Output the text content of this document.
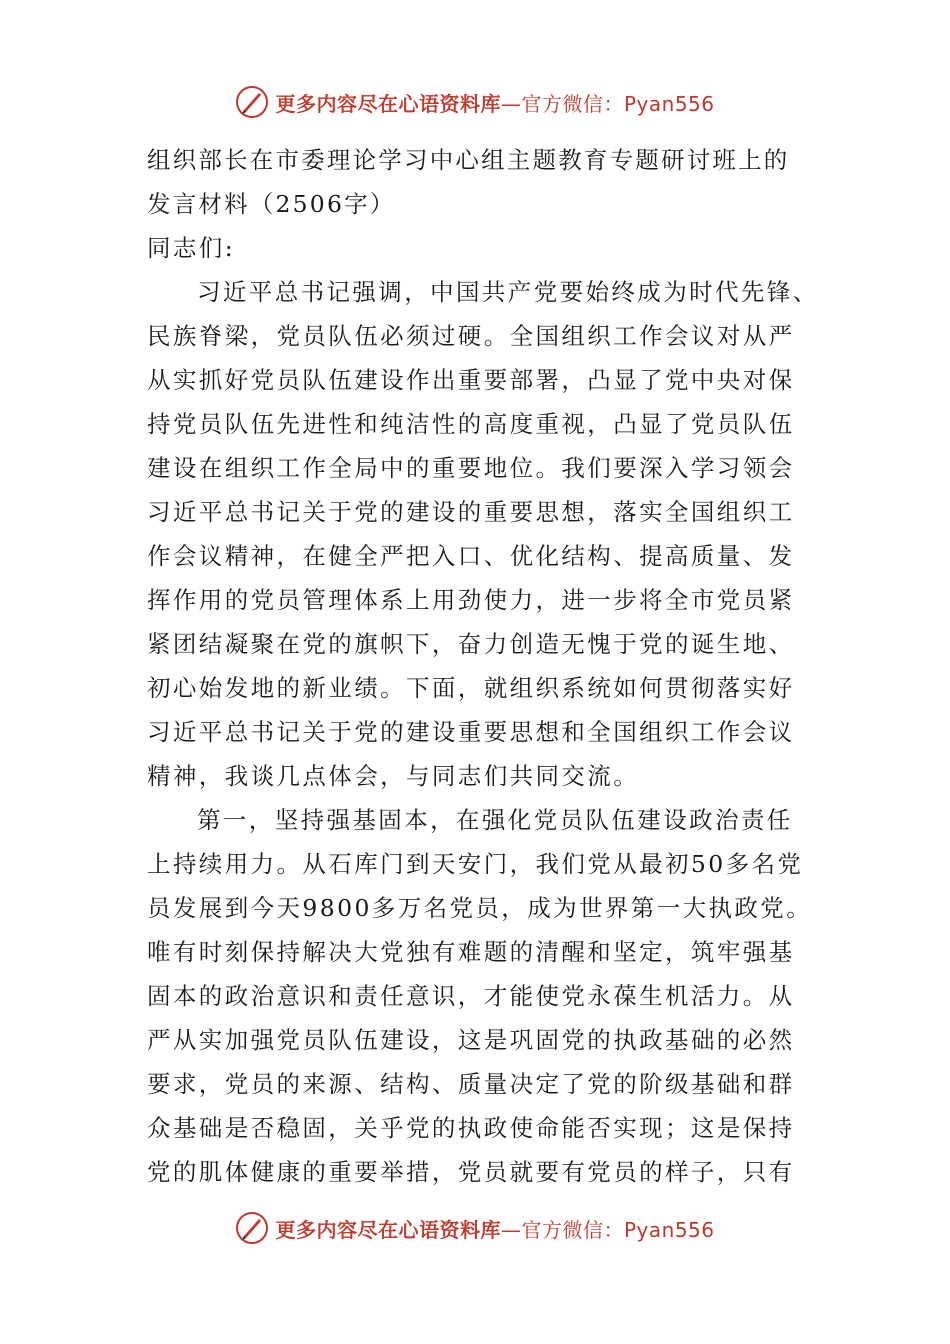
更多内容尽在心语资料库—官方微信：Pyan556
组织部长在市委理论学习中心组主题教育专题研讨班上的
发言材料（2506字）
同志们:
习近平总书记强调，中国共产党要始终成为时代先锋、
民族脊梁，党员队伍必须过硬。全国组织工作会议对从严
从实抓好党员队伍建设作出重要部署，凸显了党中央对保
持党员队伍先进性和纯洁性的高度重视，凸显了党员队伍
建设在组织工作全局中的重要地位。我们要深入学习领会
习近平总书记关于党的建设的重要思想，落实全国组织工
作会议精神，在健全严把入口、优化结构、提高质量、发
挥作用的党员管理体系上用劲使力，进一步将全市党员紧
紧团结凝聚在党的旗帜下，奋力创造无愧于党的诞生地、
初心始发地的新业绩。下面，就组织系统如何贯彻落实好
习近平总书记关于党的建设重要思想和全国组织工作会议
精神，我谈几点体会，与同志们共同交流。
第一，坚持强基固本，在强化党员队伍建设政治责任
上持续用力。从石库门到天安门，我们党从最初50多名党
员发展到今天9800多万名党员，成为世界第一大执政党。
唯有时刻保持解决大党独有难题的清醒和坚定，筑牢强基
固本的政治意识和责任意识，才能使党永葆生机活力。从
严从实加强党员队伍建设，这是巩固党的执政基础的必然
要求，党员的来源、结构、质量决定了党的阶级基础和群
众基础是否稳固，关乎党的执政使命能否实现；这是保持
党的肌体健康的重要举措，党员就要有党员的样子，只有
更多内容尽在心语资料库—官方微信：Pyan556
